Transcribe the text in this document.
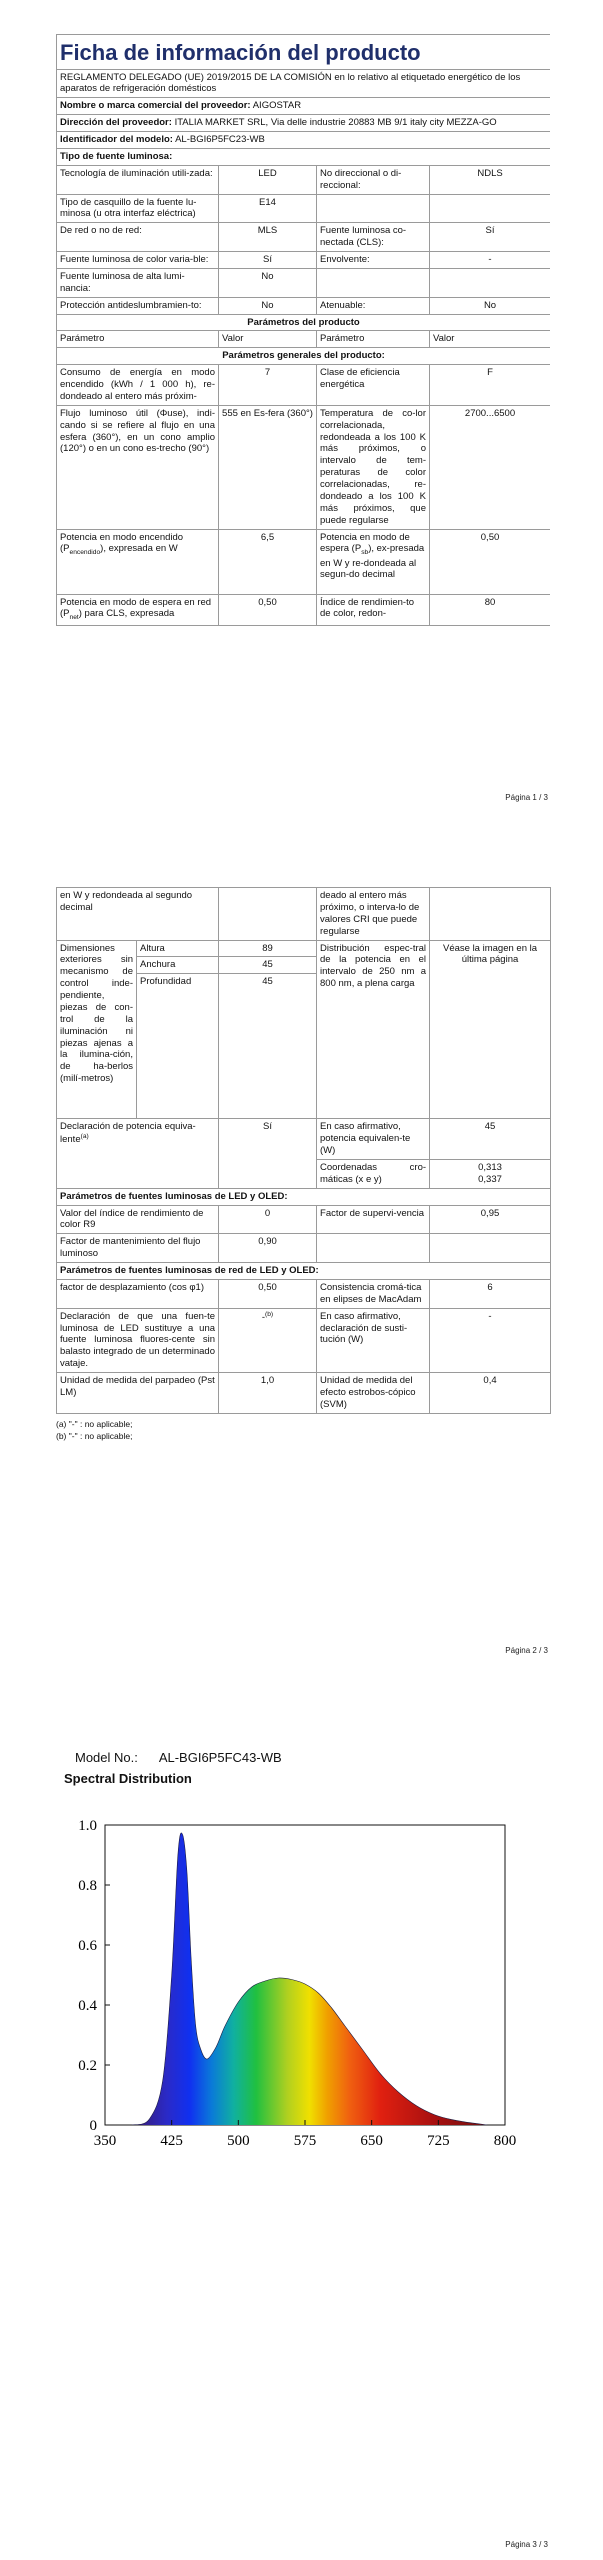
Ficha de información del producto			
REGLAMENTO DELEGADO (UE) 2019/2015 DE LA COMISIÓN en lo relativo al etiquetado energético de los aparatos de refrigeración domésticos			
Nombre o marca comercial del proveedor: AIGOSTAR			
Dirección del proveedor: ITALIA MARKET SRL, Via delle industrie 20883 MB 9/1 italy city MEZZA-GO			
Identificador del modelo: AL-BGI6P5FC23-WB			
Tipo de fuente luminosa:			
Tecnología de iluminación utili-zada:	LED	No direccional o di-reccional:	NDLS
Tipo de casquillo de la fuente lu-minosa (u otra interfaz eléctrica)	E14		
De red o no de red:	MLS	Fuente luminosa co-nectada (CLS):	Sí
Fuente luminosa de color varia-ble:	Sí	Envolvente:	-
Fuente luminosa de alta lumi-nancia:	No		
Protección antideslumbramien-to:	No	Atenuable:	No
Parámetros del producto			
Parámetro	Valor	Parámetro	Valor
Parámetros generales del producto:			
Consumo de energía en modo encendido (kWh / 1 000 h), re-dondeado al entero más próxim-	7	Clase de eficiencia energética	F
Flujo luminoso útil (Φuse), indi-cando si se refiere al flujo en una esfera (360°), en un cono amplio (120°) o en un cono es-trecho (90°)	555 en Es-fera (360°)	Temperatura de co-lor correlacionada, redondeada a los 100 K más próximos, o intervalo de tem-peraturas de color correlacionadas, re-dondeado a los 100 K más próximos, que puede regularse	2700...6500
Potencia en modo encendido $(P_{encendido})$, expresada en W	6,5	Potencia en modo de espera $(P_{sb})$, ex-presada en W y re-dondeada al segun-do decimal	0,50
Potencia en modo de espera en red $(P_{net})$ para CLS, expresada	0,50	Índice de rendimien-to de color, redon-	80
Página 1 / 3
en W y redondeada al segundo decimal			deado al entero más próximo, o interva-lo de valores CRI que puede regularse	
Dimensiones exteriores sin mecanismo de control inde-pendiente, piezas de con-trol de la iluminación ni piezas ajenas a la ilumina-ción, de ha-berlos (milí-metros)	Altura	89	Distribución espec-tral de la potencia en el intervalo de 250 nm a 800 nm, a plena carga	Véase la imagen en la última página
	Anchura	45		
	Profundidad	45		
Declaración de potencia equiva-lente$^{(a)}$		Sí	En caso afirmativo, potencia equivalen-te (W)	45
			Coordenadas cro-máticas (x e y)	0,313
0,337

Parámetros de fuentes luminosas de LED y OLED:				
Valor del índice de rendimiento de color R9		0	Factor de supervi-vencia	0,95
Factor de mantenimiento del flujo luminoso		0,90		
Parámetros de fuentes luminosas de red de LED y OLED:				
factor de desplazamiento (cos φ1)		0,50	Consistencia cromá-tica en elipses de MacAdam	6
Declaración de que una fuen-te luminosa de LED sustituye a una fuente luminosa fluores-cente sin balasto integrado de un determinado vataje.		-$^{(b)}$	En caso afirmativo, declaración de susti-tución (W)	-
Unidad de medida del parpadeo (Pst LM)		1,0	Unidad de medida del efecto estrobos-cópico (SVM)	0,4
(a) "-" : no aplicable;
(b) "-" : no aplicable;
Página 2 / 3
Model No.:      AL-BGI6P5FC43-WB
Spectral Distribution
350	425	500	575	650	725	800
0
0.2
0.4
0.6
0.8
1.0
Página 3 / 3
